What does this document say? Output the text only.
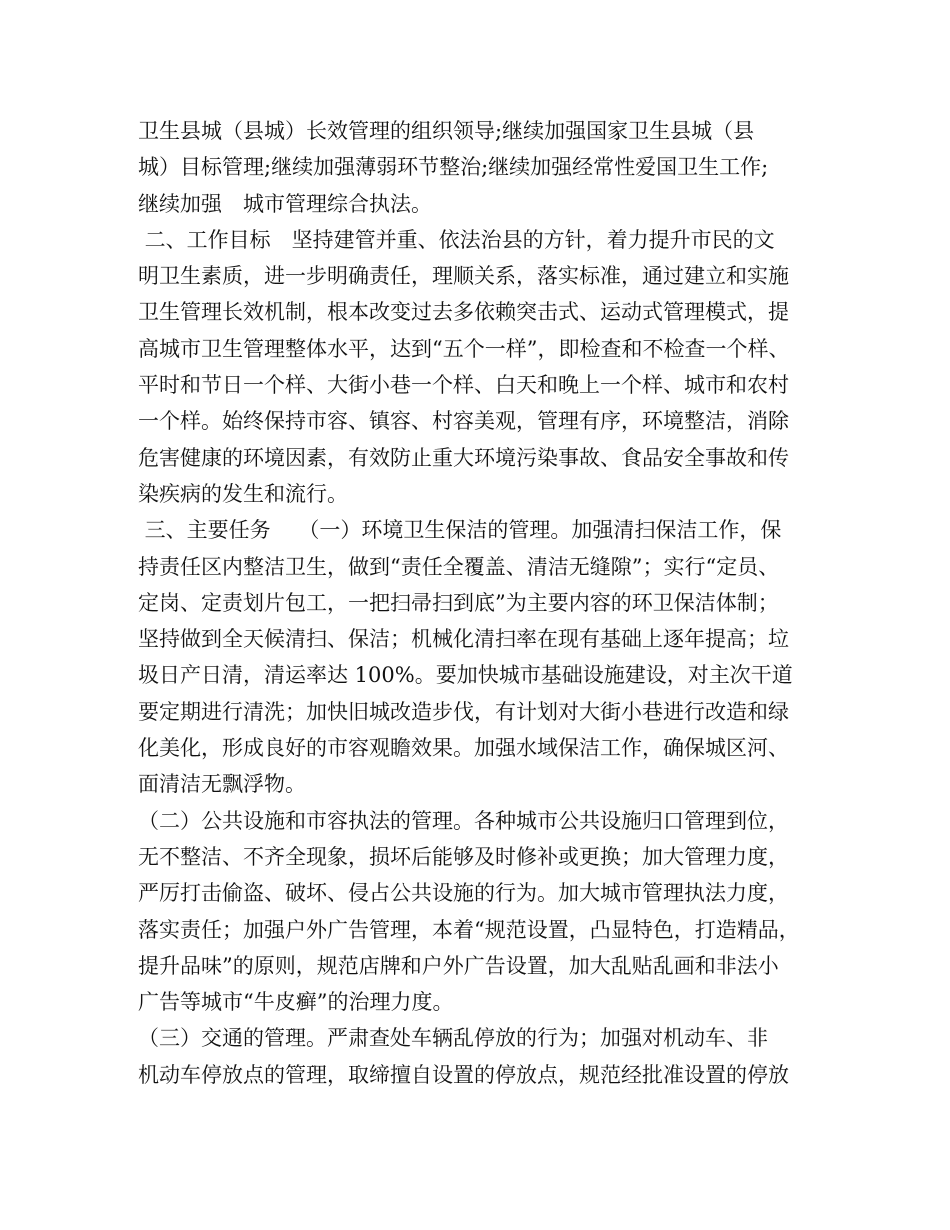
卫生县城（县城）长效管理的组织领导;继续加强国家卫生县城（县
城）目标管理;继续加强薄弱环节整治;继续加强经常性爱国卫生工作;
继续加强　城市管理综合执法。
二、工作目标　坚持建管并重、依法治县的方针，着力提升市民的文
明卫生素质，进一步明确责任，理顺关系，落实标准，通过建立和实施
卫生管理长效机制，根本改变过去多依赖突击式、运动式管理模式，提
高城市卫生管理整体水平，达到“五个一样”，即检查和不检查一个样、
平时和节日一个样、大街小巷一个样、白天和晚上一个样、城市和农村
一个样。始终保持市容、镇容、村容美观，管理有序，环境整洁，消除
危害健康的环境因素，有效防止重大环境污染事故、食品安全事故和传
染疾病的发生和流行。
三、主要任务　 （一）环境卫生保洁的管理。加强清扫保洁工作，保
持责任区内整洁卫生，做到“责任全覆盖、清洁无缝隙”；实行“定员、
定岗、定责划片包工，一把扫帚扫到底”为主要内容的环卫保洁体制；
坚持做到全天候清扫、保洁；机械化清扫率在现有基础上逐年提高；垃
圾日产日清，清运率达 100%。要加快城市基础设施建设，对主次干道
要定期进行清洗；加快旧城改造步伐，有计划对大街小巷进行改造和绿
化美化，形成良好的市容观瞻效果。加强水域保洁工作，确保城区河、
面清洁无飘浮物。
（二）公共设施和市容执法的管理。各种城市公共设施归口管理到位，
无不整洁、不齐全现象，损坏后能够及时修补或更换；加大管理力度，
严厉打击偷盗、破坏、侵占公共设施的行为。加大城市管理执法力度，
落实责任；加强户外广告管理，本着“规范设置，凸显特色，打造精品，
提升品味”的原则，规范店牌和户外广告设置，加大乱贴乱画和非法小
广告等城市“牛皮癣”的治理力度。
（三）交通的管理。严肃查处车辆乱停放的行为；加强对机动车、非
机动车停放点的管理，取缔擅自设置的停放点，规范经批准设置的停放
